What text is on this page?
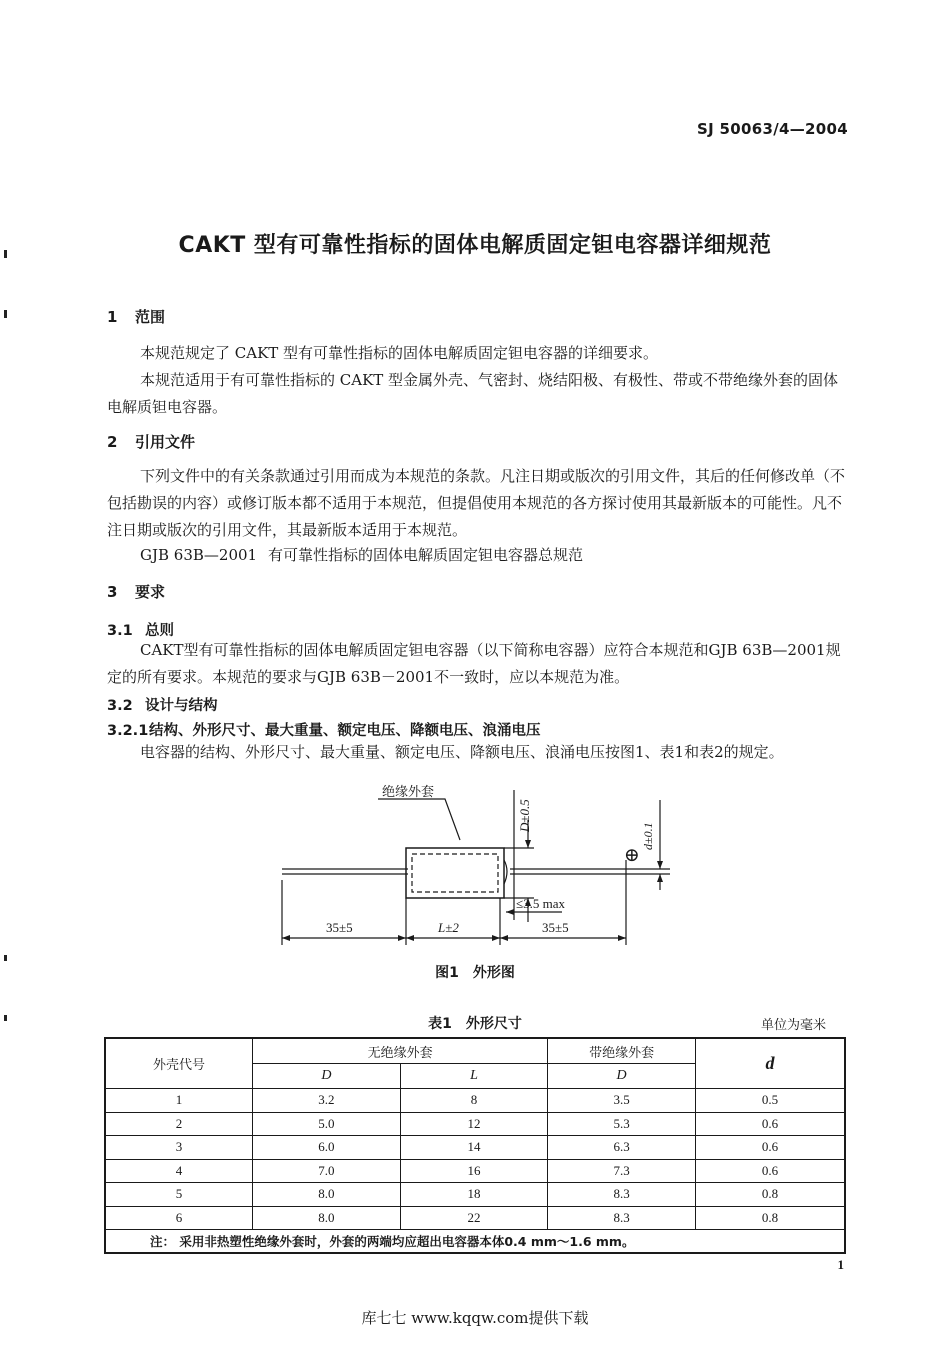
SJ 50063/4—2004
CAKT 型有可靠性指标的固体电解质固定钽电容器详细规范
1 范围

本规范规定了 CAKT 型有可靠性指标的固体电解质固定钽电容器的详细要求。

本规范适用于有可靠性指标的 CAKT 型金属外壳、气密封、烧结阳极、有极性、带或不带绝缘外套的固体电解质钽电容器。

2 引用文件

下列文件中的有关条款通过引用而成为本规范的条款。凡注日期或版次的引用文件，其后的任何修改单（不包括勘误的内容）或修订版本都不适用于本规范，但提倡使用本规范的各方探讨使用其最新版本的可能性。凡不注日期或版次的引用文件，其最新版本适用于本规范。

GJB 63B—2001 有可靠性指标的固体电解质固定钽电容器总规范
3 要求
3.1 总则

CAKT型有可靠性指标的固体电解质固定钽电容器（以下简称电容器）应符合本规范和GJB 63B—2001规定的所有要求。本规范的要求与GJB 63B－2001不一致时，应以本规范为准。

3.2 设计与结构
3.2.1结构、外形尺寸、最大重量、额定电压、降额电压、浪涌电压

电容器的结构、外形尺寸、最大重量、额定电压、降额电压、浪涌电压按图1、表1和表2的规定。

绝缘外套
D±0.5
d±0.1
⊕
≤3.5 max
35±5	L±2	35±5
图1　外形图
表1　外形尺寸	单位为毫米
外壳代号	无绝缘外套		带绝缘外套	d
	D	L	D	
1	3.2	8	3.5	0.5
2	5.0	12	5.3	0.6
3	6.0	14	6.3	0.6
4	7.0	16	7.3	0.6
5	8.0	18	8.3	0.8
6	8.0	22	8.3	0.8
注： 采用非热塑性绝缘外套时，外套的两端均应超出电容器本体0.4 mm～1.6 mm。				
1
库七七 www.kqqw.com提供下载
